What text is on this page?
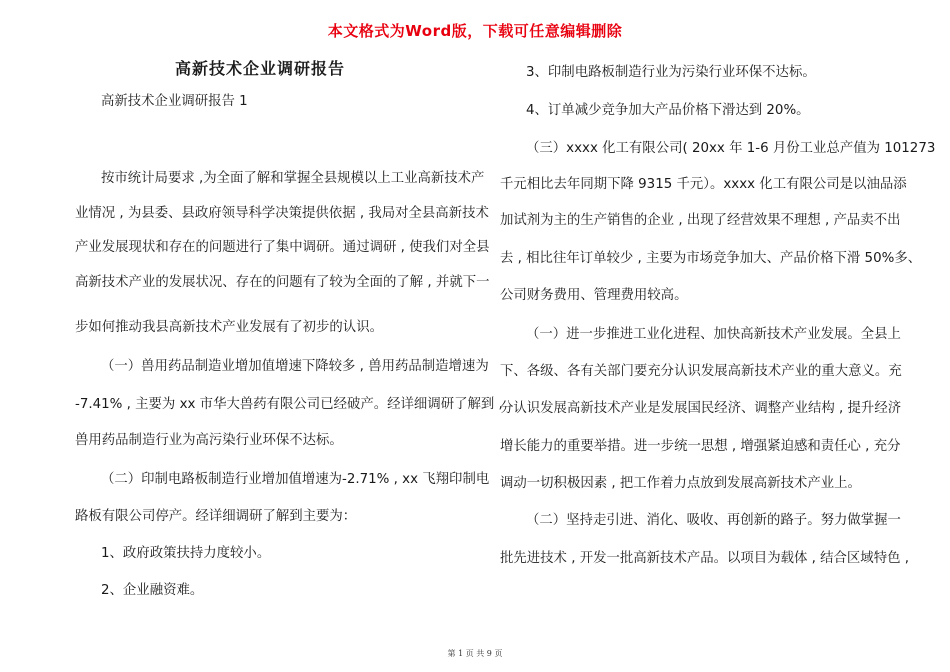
本文格式为Word版，下载可任意编辑删除
高新技术企业调研报告
高新技术企业调研报告 1
按市统计局要求 ,为全面了解和掌握全县规模以上工业高新技术产
业情况 , 为县委、县政府领导科学决策提供依据 , 我局对全县高新技术
产业发展现状和存在的问题进行了集中调研。通过调研 , 使我们对全县
高新技术产业的发展状况、存在的问题有了较为全面的了解 , 并就下一
步如何推动我县高新技术产业发展有了初步的认识。
（一）兽用药品制造业增加值增速下降较多 , 兽用药品制造增速为
-7.41% , 主要为 xx 市华大兽药有限公司已经破产。经详细调研了解到 ,
兽用药品制造行业为高污染行业环保不达标。
（二）印制电路板制造行业增加值增速为-2.71% , xx 飞翔印制电
路板有限公司停产。经详细调研了解到主要为：
1、政府政策扶持力度较小。
2、企业融资难。
3、印制电路板制造行业为污染行业环保不达标。
4、订单减少竞争加大产品价格下滑达到 20%。
（三）xxxx 化工有限公司( 20xx 年 1-6 月份工业总产值为 101273
千元相比去年同期下降 9315 千元）。xxxx 化工有限公司是以油品添
加试剂为主的生产销售的企业 , 出现了经营效果不理想 , 产品卖不出
去 , 相比往年订单较少 , 主要为市场竞争加大、产品价格下滑 50%多、
公司财务费用、管理费用较高。
（一）进一步推进工业化进程、加快高新技术产业发展。全县上
下、各级、各有关部门要充分认识发展高新技术产业的重大意义。充
分认识发展高新技术产业是发展国民经济、调整产业结构 , 提升经济
增长能力的重要举措。进一步统一思想 , 增强紧迫感和责任心 , 充分
调动一切积极因素 , 把工作着力点放到发展高新技术产业上。
（二）坚持走引进、消化、吸收、再创新的路子。努力做掌握一
批先进技术 , 开发一批高新技术产品。以项目为载体 , 结合区域特色 ,
第 1 页 共 9 页
